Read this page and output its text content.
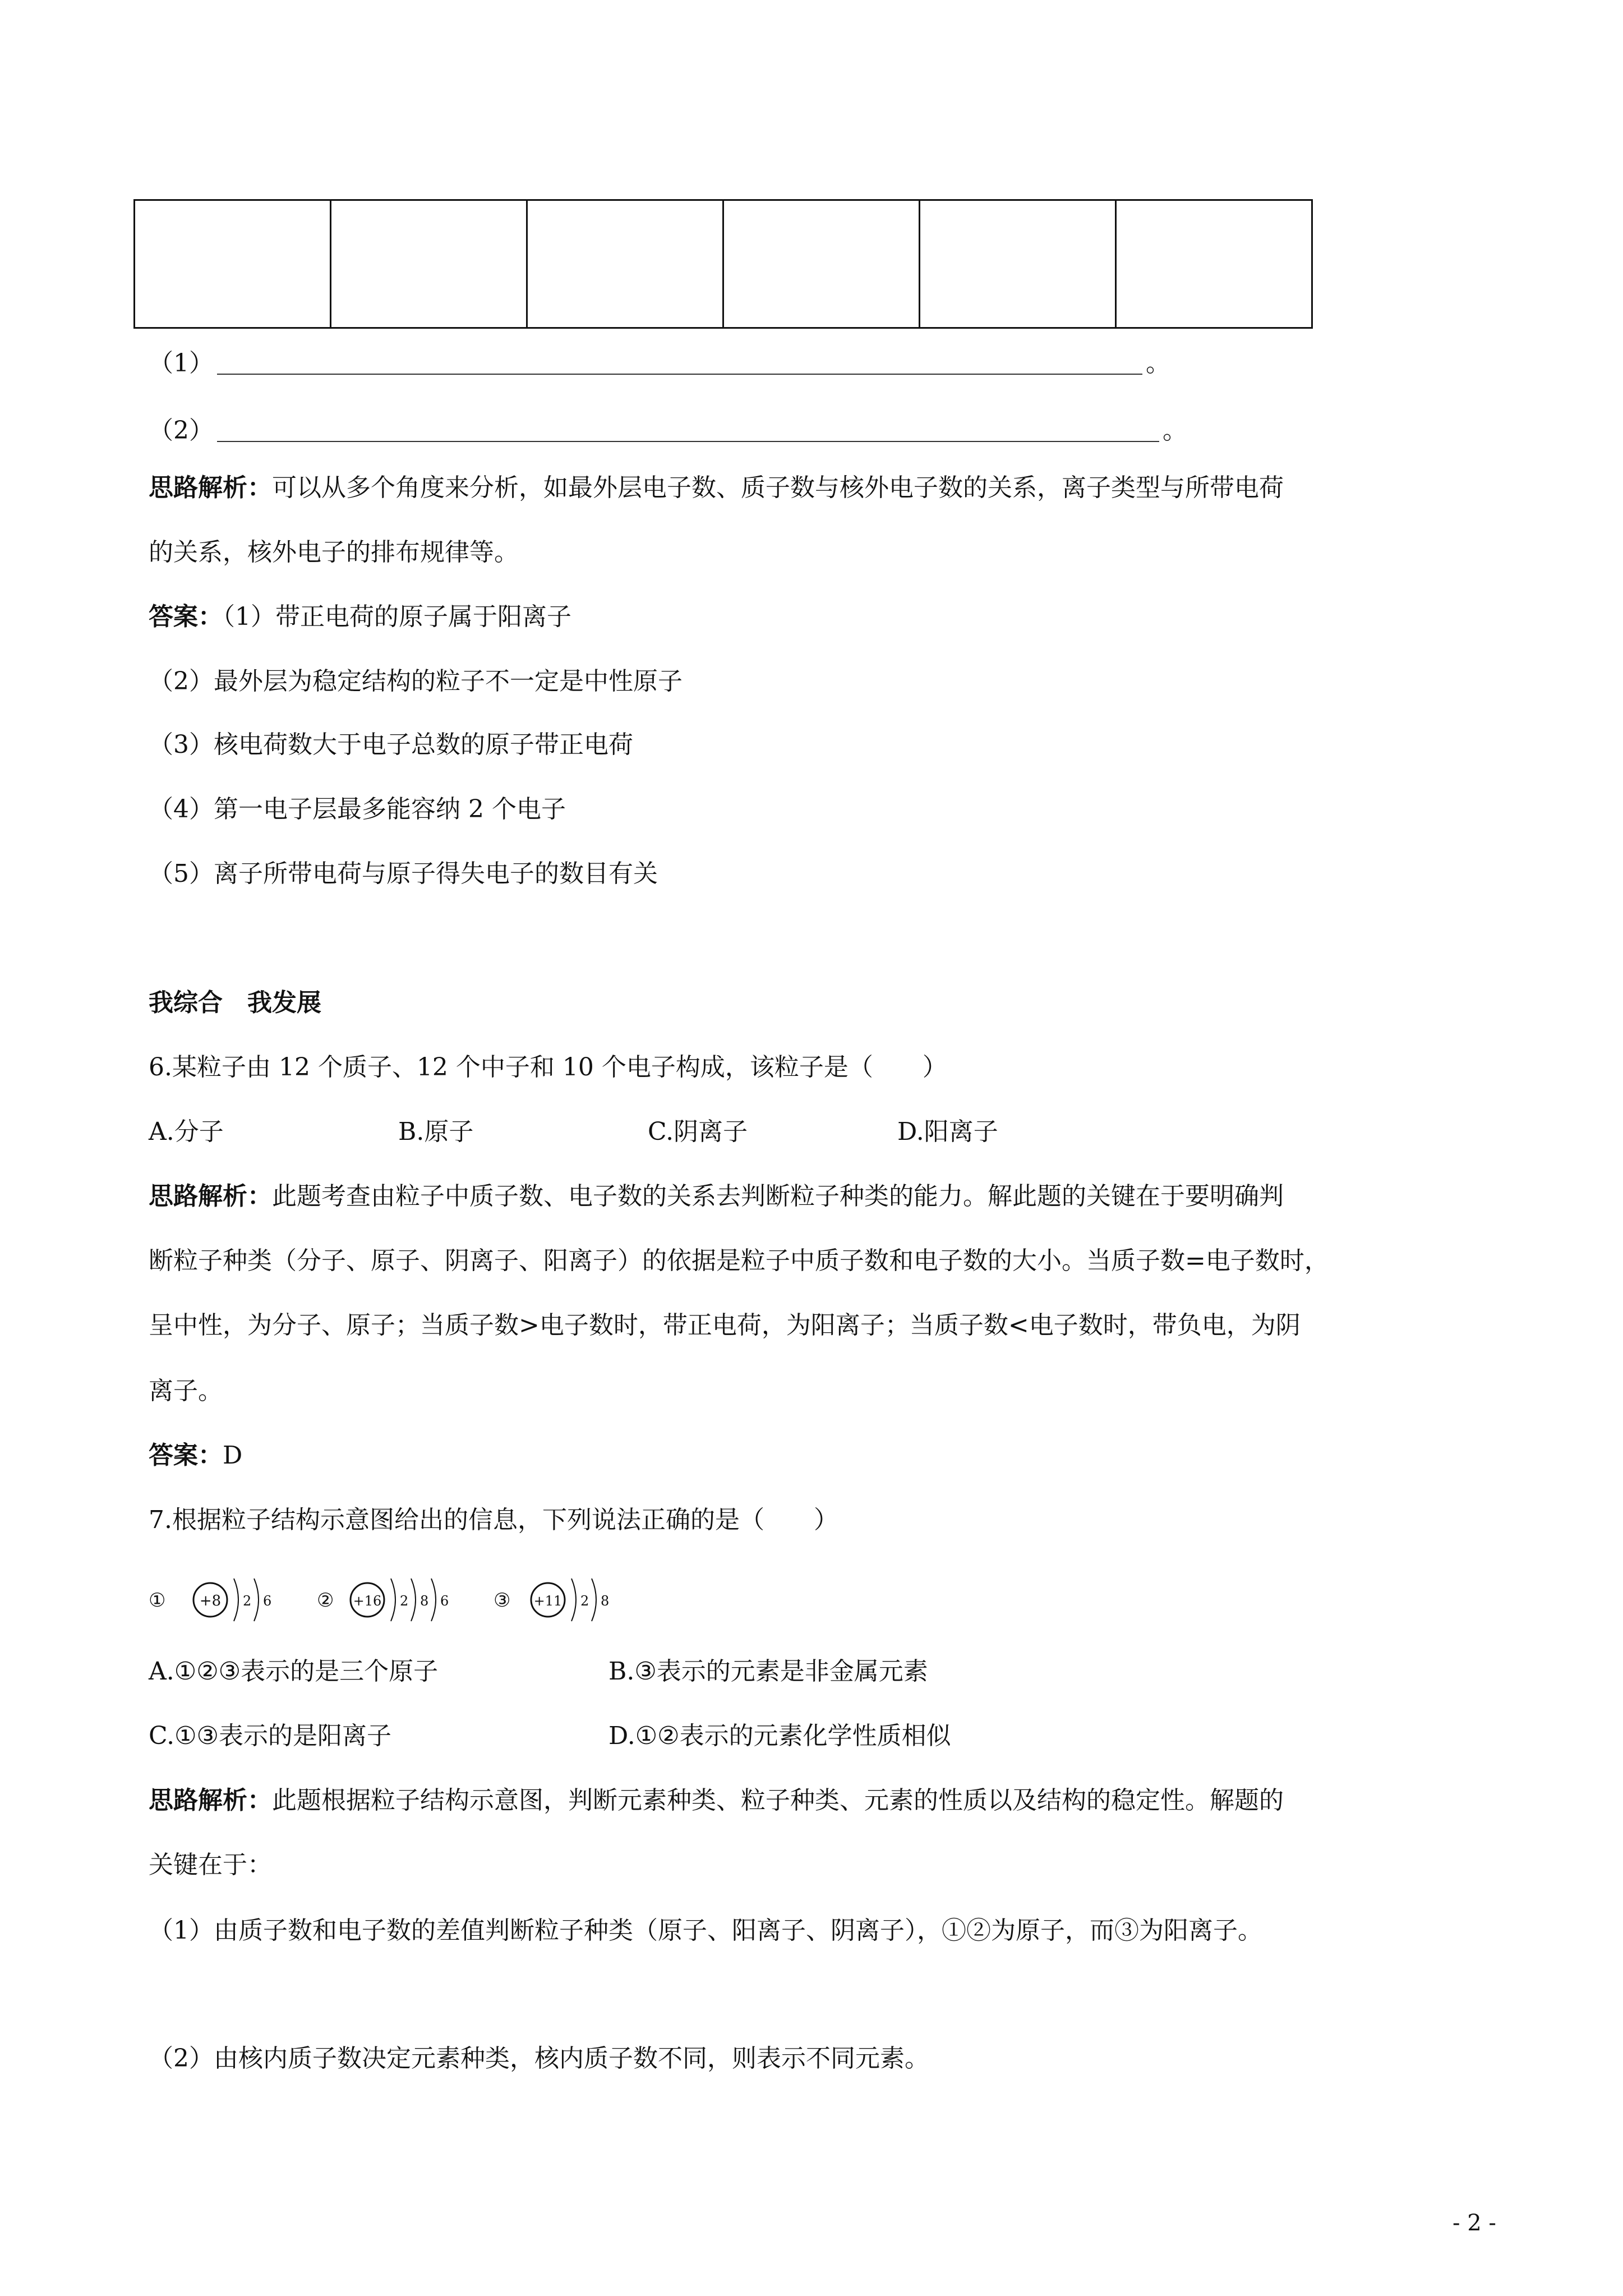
（1）	。
（2）	。
思路解析：可以从多个角度来分析，如最外层电子数、质子数与核外电子数的关系，离子类型与所带电荷
的关系，核外电子的排布规律等。
答案：（1）带正电荷的原子属于阳离子
（2）最外层为稳定结构的粒子不一定是中性原子
（3）核电荷数大于电子总数的原子带正电荷
（4）第一电子层最多能容纳 2 个电子
（5）离子所带电荷与原子得失电子的数目有关
我综合　我发展
6.某粒子由 12 个质子、12 个中子和 10 个电子构成，该粒子是（　　）
A.分子	B.原子	C.阴离子	D.阳离子
思路解析：此题考查由粒子中质子数、电子数的关系去判断粒子种类的能力。解此题的关键在于要明确判
断粒子种类（分子、原子、阴离子、阳离子）的依据是粒子中质子数和电子数的大小。当质子数=电子数时，
呈中性，为分子、原子；当质子数>电子数时，带正电荷，为阳离子；当质子数<电子数时，带负电，为阴
离子。
答案：D
7.根据粒子结构示意图给出的信息，下列说法正确的是（　　）
① +8 2 6 ② +16 2 8 6 ③ +11 2 8
A.①②③表示的是三个原子	B.③表示的元素是非金属元素
C.①③表示的是阳离子	D.①②表示的元素化学性质相似
思路解析：此题根据粒子结构示意图，判断元素种类、粒子种类、元素的性质以及结构的稳定性。解题的
关键在于：
（1）由质子数和电子数的差值判断粒子种类（原子、阳离子、阴离子），①②为原子，而③为阳离子。
（2）由核内质子数决定元素种类，核内质子数不同，则表示不同元素。
- 2 -
